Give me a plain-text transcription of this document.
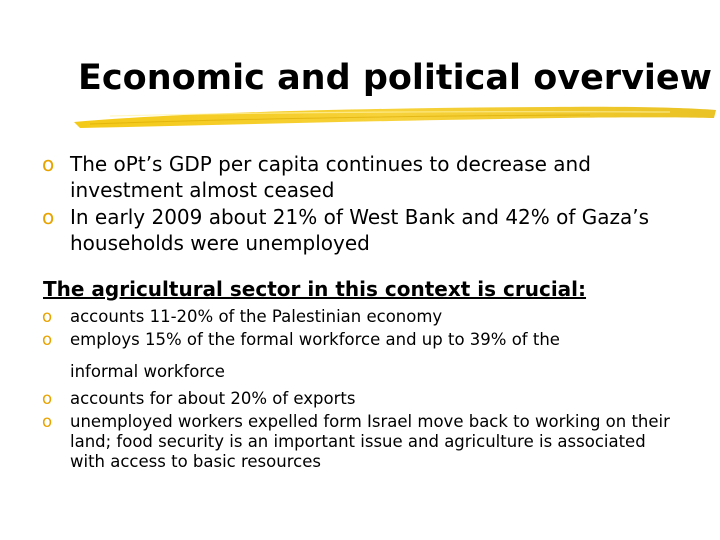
Economic and political overview
o The oPt’s GDP per capita continues to decrease and investment almost ceased
o In early 2009 about 21% of West Bank and 42% of Gaza’s households were unemployed
The agricultural sector in this context is crucial:
o	accounts 11-20% of the Palestinian economy
o	employs 15% of the formal workforce and up to 39% of the
informal workforce
o	accounts for about 20% of exports
o	unemployed workers expelled form Israel move back to working on their land; food security is an important issue and agriculture is associated with access to basic resources
